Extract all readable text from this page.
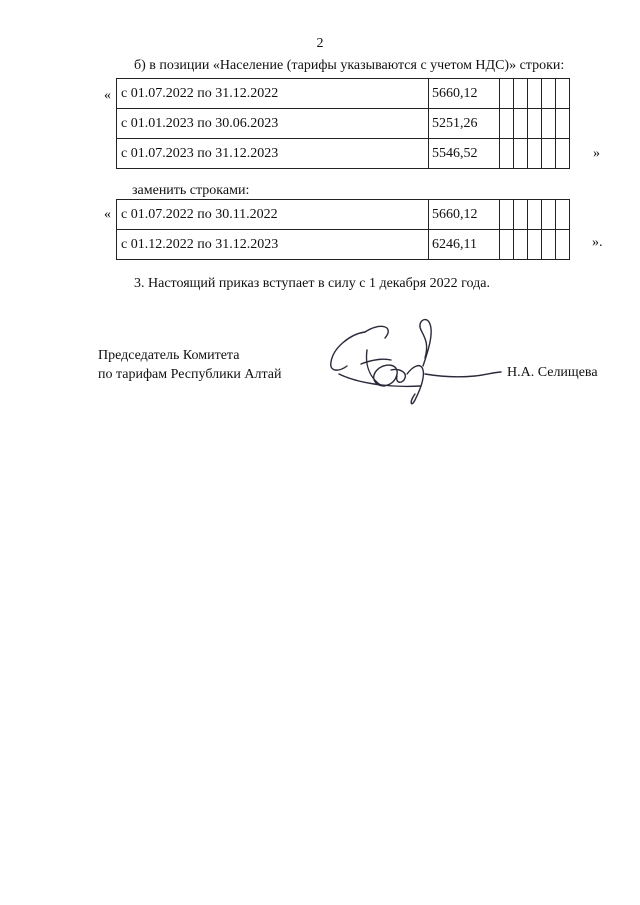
2
б) в позиции «Население (тарифы указываются с учетом НДС)» строки:
« с 01.07.2022 по 31.12.2022	5660,12					
с 01.01.2023 по 30.06.2023	5251,26					
с 01.07.2023 по 31.12.2023	5546,52						»
заменить строками:
« с 01.07.2022 по 30.11.2022	5660,12					
с 01.12.2022 по 31.12.2023	6246,11						».
3. Настоящий приказ вступает в силу с 1 декабря 2022 года.
Председатель Комитета
по тарифам Республики Алтай	Н.А. Селищева
